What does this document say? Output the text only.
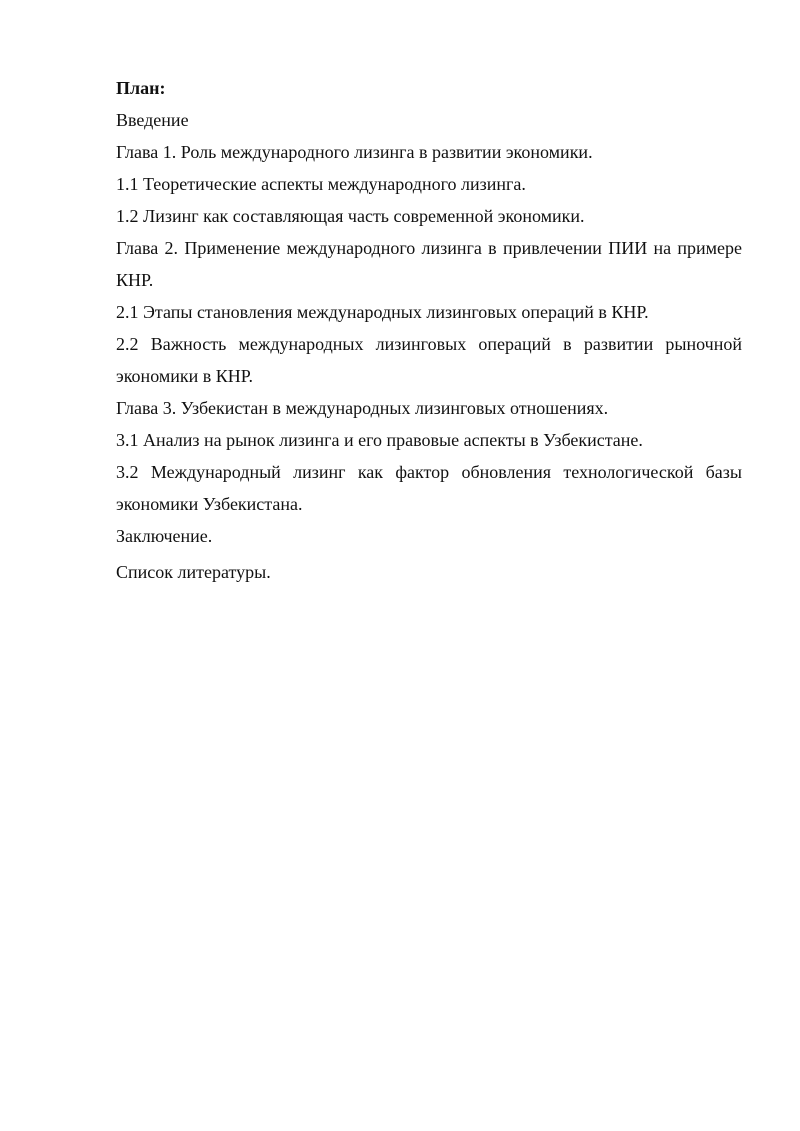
План:

Введение

Глава 1. Роль международного лизинга в развитии экономики.

1.1 Теоретические аспекты международного лизинга.

1.2 Лизинг как составляющая часть современной экономики.

Глава 2. Применение международного лизинга в привлечении ПИИ на примере КНР.

2.1 Этапы становления международных лизинговых операций в КНР.

2.2 Важность международных лизинговых операций в развитии рыночной экономики в КНР.

Глава 3. Узбекистан в международных лизинговых отношениях.

3.1 Анализ на рынок лизинга и его правовые аспекты в Узбекистане.

3.2 Международный лизинг как фактор обновления технологической базы экономики Узбекистана.

Заключение.

Список литературы.
